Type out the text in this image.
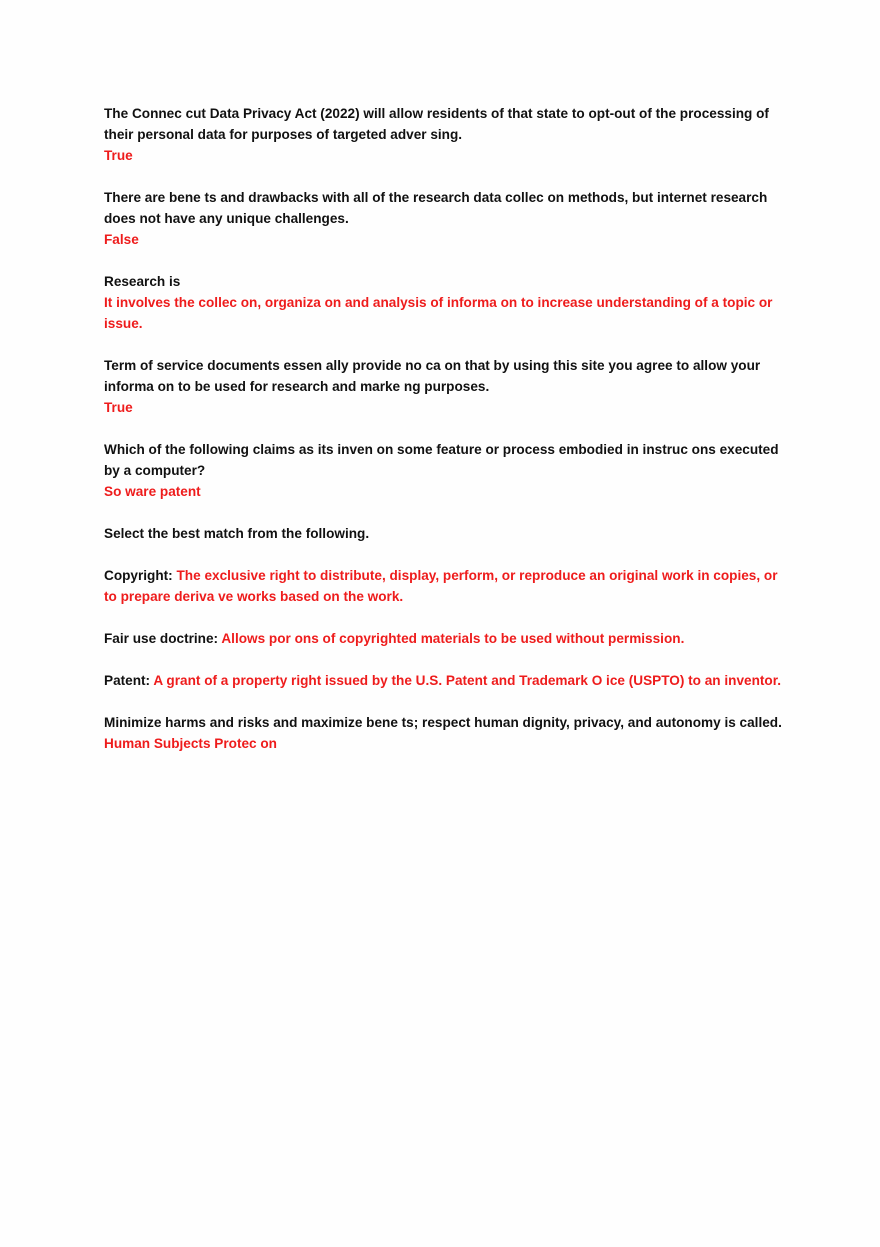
The Connec cut Data Privacy Act (2022) will allow residents of that state to opt-out of the processing of their personal data for purposes of targeted adver sing.
True
There are bene ts and drawbacks with all of the research data collec on methods, but internet research does not have any unique challenges.
False
Research is
It involves the collec on, organiza on and analysis of informa on to increase understanding of a topic or issue.
Term of service documents essen ally provide no ca on that by using this site you agree to allow your informa on to be used for research and marke ng purposes.
True
Which of the following claims as its inven on some feature or process embodied in instruc ons executed by a computer?
So ware patent
Select the best match from the following.
Copyright: The exclusive right to distribute, display, perform, or reproduce an original work in copies, or to prepare deriva ve works based on the work.
Fair use doctrine: Allows por ons of copyrighted materials to be used without permission.
Patent: A grant of a property right issued by the U.S. Patent and Trademark O ice (USPTO) to an inventor.
Minimize harms and risks and maximize bene ts; respect human dignity, privacy, and autonomy is called.
Human Subjects Protec on
